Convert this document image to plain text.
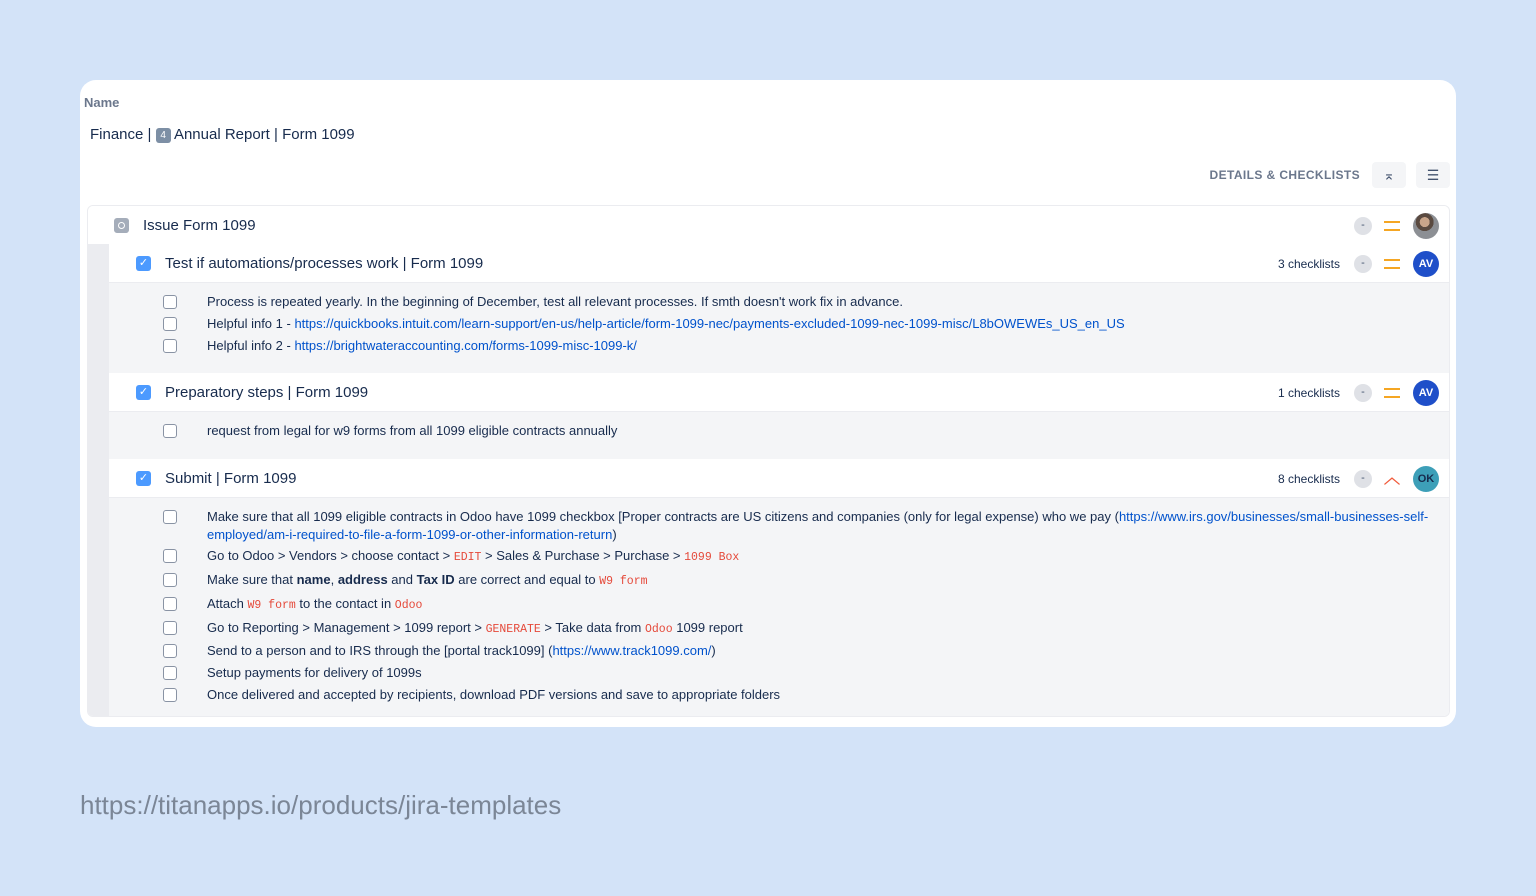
Name
Finance | 4 Annual Report | Form 1099
DETAILS & CHECKLISTS ⌅ ☰
Issue Form 1099	-
✓ Test if automations/processes work | Form 1099	3 checklists	-	AV
Process is repeated yearly. In the beginning of December, test all relevant processes. If smth doesn't work fix in advance.
Helpful info 1 - https://quickbooks.intuit.com/learn-support/en-us/help-article/form-1099-nec/payments-excluded-1099-nec-1099-misc/L8bOWEWEs_US_en_US
Helpful info 2 - https://brightwateraccounting.com/forms-1099-misc-1099-k/
✓ Preparatory steps | Form 1099	1 checklists	-	AV
request from legal for w9 forms from all 1099 eligible contracts annually
✓ Submit | Form 1099	8 checklists	-	︿	OK
Make sure that all 1099 eligible contracts in Odoo have 1099 checkbox [Proper contracts are US citizens and companies (only for legal expense) who we pay (https://www.irs.gov/businesses/small-businesses-self-employed/am-i-required-to-file-a-form-1099-or-other-information-return)
Go to Odoo > Vendors > choose contact > EDIT > Sales & Purchase > Purchase > 1099 Box
Make sure that name, address and Tax ID are correct and equal to W9 form
Attach W9 form to the contact in Odoo
Go to Reporting > Management > 1099 report > GENERATE > Take data from Odoo 1099 report
Send to a person and to IRS through the [portal track1099] (https://www.track1099.com/)
Setup payments for delivery of 1099s
Once delivered and accepted by recipients, download PDF versions and save to appropriate folders
https://titanapps.io/products/jira-templates
